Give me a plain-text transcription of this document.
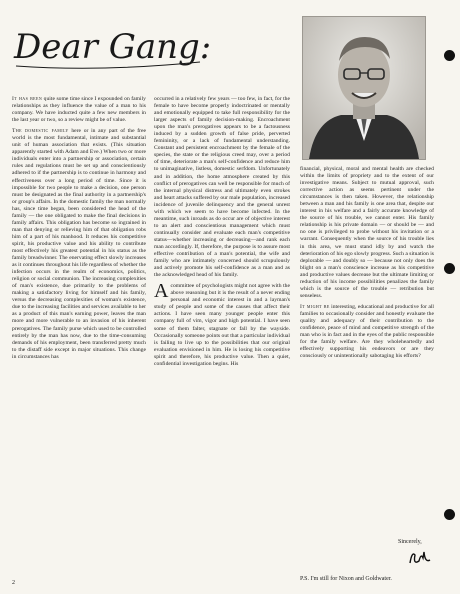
Dear Gang:

It has been quite some time since I expounded on family relationships as they influence the value of a man to his company. We have inducted quite a few new members in the last year or two, so a review might be of value.

The domestic family here or in any part of the free world is the most fundamental, intimate and substantial unit of human association that exists. (This situation apparently started with Adam and Eve.) When two or more individuals enter into a partnership or association, certain rules and regulations must be set up and conscientiously adhered to if the partnership is to continue in harmony and effectiveness over a long period of time. Since it is impossible for two people to make a decision, one person must be designated as the final authority in a partnership's or group's affairs. In the domestic family the man normally has, since time began, been considered the head of the family — the one obligated to make the final decisions in family affairs. This obligation has become so ingrained in man that denying or relieving him of that obligation robs him of a part of his manhood. It reduces his competitive spirit, his productive value and his ability to contribute most effectively his greatest potential in his status as the family breadwinner. The enervating effect slowly increases as it continues throughout his life regardless of whether the infection occurs in the realm of economics, politics, religion or social communion. The increasing complexities of man's existence, due primarily to the problems of making a satisfactory living for himself and his family, versus the decreasing complexities of woman's existence, due to the increasing facilities and services available to her as a product of this man's earning power, leaves the man more and more vulnerable to an invasion of his inherent prerogatives. The family purse which used to be controlled entirely by the man has now, due to the time-consuming demands of his employment, been transferred pretty much to the distaff side except in major situations. This change in circumstances has

occurred in a relatively few years — too few, in fact, for the female to have become properly indoctrinated or mentally and emotionally equipped to take full responsibility for the larger aspects of family decision-making. Encroachment upon the man's prerogatives appears to be a factousness induced by a sudden growth of false pride, perverted femininity, or a lack of fundamental understanding. Constant and persistent encroachment by the female of the species, the state or the religious creed may, over a period of time, deteriorate a man's self-confidence and reduce him to unimaginative, listless, domestic serfdom. Unfortunately and in addition, the home atmosphere created by this conflict of prerogatives can well be responsible for much of the internal physical distress and ultimately even strokes and heart attacks suffered by our male population, increased incidence of juvenile delinquency and the general unrest with which we seem to have become infected. In the meantime, such inroads as do occur are of objective interest to an alert and conscientious management which must continually consider and evaluate each man's competitive status—whether increasing or decreasing—and rank each man accordingly. If, therefore, the purpose is to assure most effective contribution of a man's potential, the wife and family who are intimately concerned should scrupulously and actively promote his self-confidence as a man and as the acknowledged head of his family.

A committee of psychologists might not agree with the above reasoning but it is the result of a never ending personal and economic interest in and a layman's study of people and some of the causes that affect their actions. I have seen many younger people enter this company full of vim, vigor and high potential. I have seen some of them falter, stagnate or fall by the wayside. Occasionally someone points out that a particular individual is failing to live up to the possibilities that our original evaluation envisioned in him. He is losing his competitive spirit and therefore, his productive value. Then a quiet, confidential investigation begins. His

financial, physical, moral and mental health are checked within the limits of propriety and to the extent of our investigative means. Subject to mutual approval, such corrective action as seems pertinent under the circumstances is then taken. However, the relationship between a man and his family is one area that, despite our interest in his welfare and a fairly accurate knowledge of the source of his trouble, we cannot enter. His family relationship is his private domain — or should be — and no one is privileged to probe without his invitation or a warrant. Consequently when the source of his trouble lies in this area, we must stand idly by and watch the deterioration of his ego slowly progress. Such a situation is deplorable — and doubly so — because not only does the blight on a man's conscience increase as his competitive and productive values decrease but the ultimate limiting or reduction of his income possibilities penalizes the family which is the source of the trouble — retribution but senseless.

It might be interesting, educational and productive for all families to occasionally consider and honestly evaluate the quality and adequacy of their contribution to the confidence, peace of mind and competitive strength of the man who is in fact and in the eyes of the public responsible for the family welfare. Are they wholeheartedly and effectively supporting his endeavors or are they consciously or unintentionally sabotaging his efforts?

Sincerely,
P.S. I'm still for Nixon and Goldwater.
2
